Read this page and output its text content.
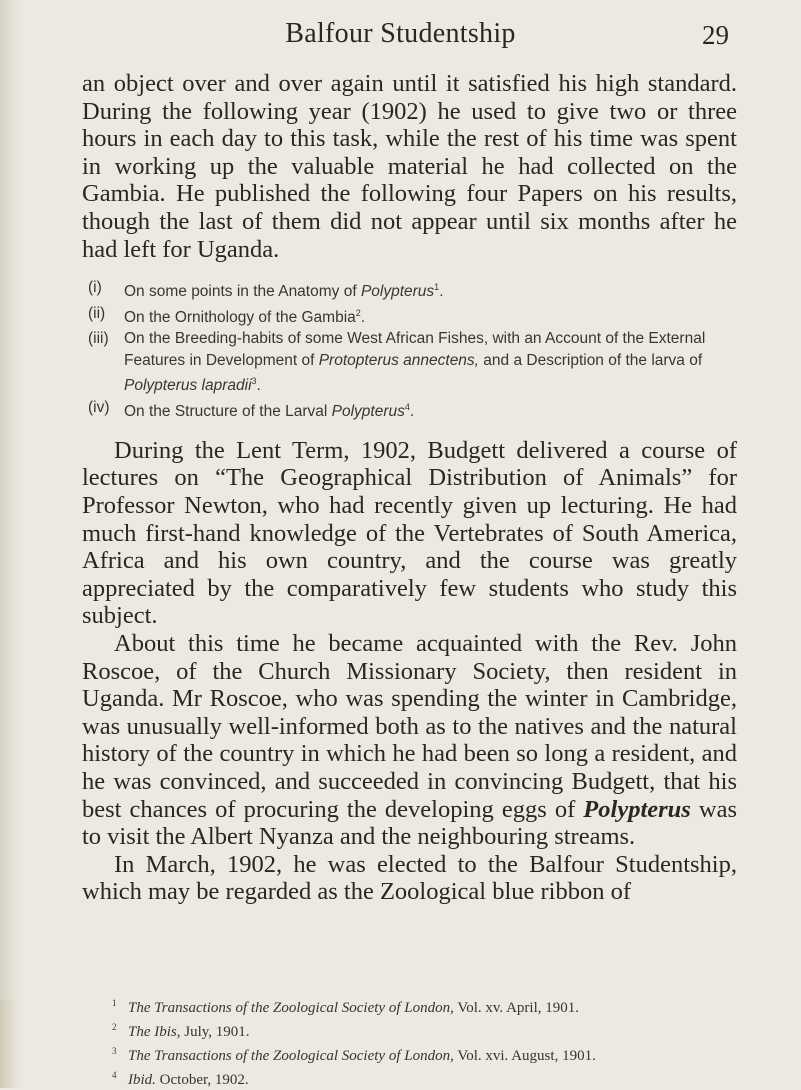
Balfour Studentship	29

an object over and over again until it satisfied his high standard. During the following year (1902) he used to give two or three hours in each day to this task, while the rest of his time was spent in working up the valuable material he had collected on the Gambia. He published the following four Papers on his results, though the last of them did not appear until six months after he had left for Uganda.

(i)	On some points in the Anatomy of Polypterus$^1$.
(ii)	On the Ornithology of the Gambia$^2$.
(iii) On the Breeding-habits of some West African Fishes, with an Account of the External Features in Development of Protopterus annectens, and a Description of the larva of Polypterus lapradii$^3$.
(iv) On the Structure of the Larval Polypterus$^4$.

During the Lent Term, 1902, Budgett delivered a course of lectures on “The Geographical Distribution of Animals” for Professor Newton, who had recently given up lecturing. He had much first-hand knowledge of the Vertebrates of South America, Africa and his own country, and the course was greatly appreciated by the comparatively few students who study this subject.

About this time he became acquainted with the Rev. John Roscoe, of the Church Missionary Society, then resident in Uganda. Mr Roscoe, who was spending the winter in Cambridge, was unusually well-informed both as to the natives and the natural history of the country in which he had been so long a resident, and he was convinced, and succeeded in convincing Budgett, that his best chances of procuring the developing eggs of Polypterus was to visit the Albert Nyanza and the neighbouring streams.

In March, 1902, he was elected to the Balfour Studentship, which may be regarded as the Zoological blue ribbon of

1 The Transactions of the Zoological Society of London, Vol. xv. April, 1901.
2 The Ibis, July, 1901.
3 The Transactions of the Zoological Society of London, Vol. xvi. August, 1901.
4 Ibid. October, 1902.
